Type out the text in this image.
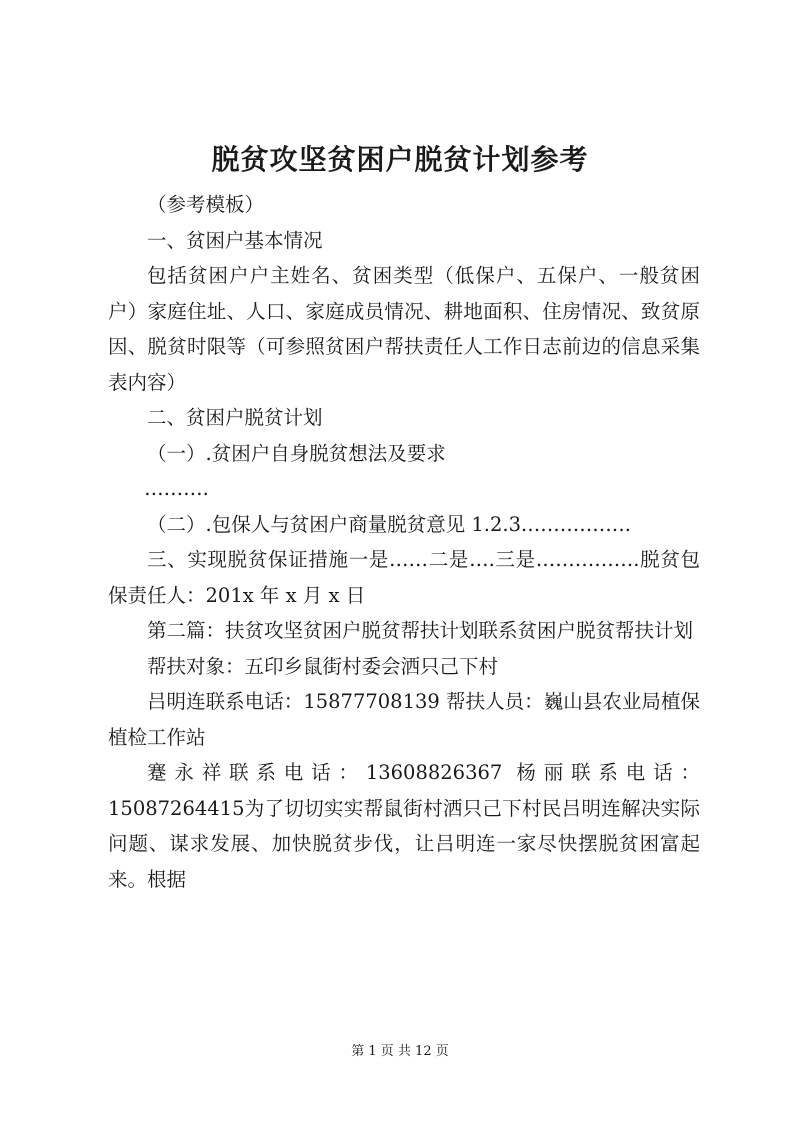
脱贫攻坚贫困户脱贫计划参考

（参考模板）

一、贫困户基本情况

包括贫困户户主姓名、贫困类型（低保户、五保户、一般贫困户）家庭住址、人口、家庭成员情况、耕地面积、住房情况、致贫原因、脱贫时限等（可参照贫困户帮扶责任人工作日志前边的信息采集表内容）

二、贫困户脱贫计划

（一）.贫困户自身脱贫想法及要求

……….

（二）.包保人与贫困户商量脱贫意见 1.2.3.…………….

三、实现脱贫保证措施一是……二是….三是…………….脱贫包保责任人：201x 年 x 月 x 日

第二篇：扶贫攻坚贫困户脱贫帮扶计划联系贫困户脱贫帮扶计划

帮扶对象：五印乡鼠街村委会洒只己下村

吕明连联系电话：15877708139 帮扶人员：巍山县农业局植保植检工作站

蹇永祥联系电话：13608826367 杨丽联系电话：15087264415为了切切实实帮鼠街村洒只己下村民吕明连解决实际问题、谋求发展、加快脱贫步伐，让吕明连一家尽快摆脱贫困富起来。根据

第 1 页 共 12 页
